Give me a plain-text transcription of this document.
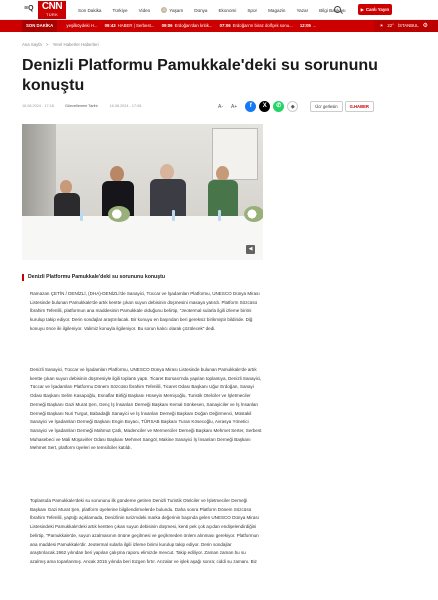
≡Q CNN
TÜRK
Son Dakika Türkiye Video	☺ Yaşam Dünya Ekonomi Spor Magazin Yazar Bilgi Bankası	▶ Canlı Yayın
SON DAKİKA	yeşilköydeki H... 09:43 HABER | Serbest... 09:06 Erdoğan'dan kritik... 07:06 Erdoğan'ın biraz dolfçek sonu... 12:05 ...	☀ 22° İSTANBUL ⚙
Ana Sayfa > Yerel Haberler Haberleri
Denizli Platformu Pamukkale'deki su sorununu konuştu
16.08.2024 - 17:18	Güncellenme Tarihi:	16.08.2024 - 17:08	A- A+	f	X	✆	◈	Ücr gerlesin	G.HABER
◀
Denizli Platformu Pamukkale'deki su sorununu konuştu

Ramazan ÇETİN / DENİZLİ, (DHA)-DENİZLİ'de Sanayici, Tüccar ve İşadamları Platformu, UNESCO Dünya Mirası Listesinde bulunan Pamukkale'de artık kentte çıkan suyun debisinin düşmesini masaya yatırdı. Platform Sözcüsü İbrahim Tefenlili, platformun ana maddesinin Pamukkale olduğunu belirtip, "Jeotermal sularla ilgili izleme birimi kurulup takip ediyor. Derin sondajlar araştırılacak. Bir konuyu en başından beri gereksiz birikmiştir bildiride. Diğ konuyu önce iki ilgileniyor. Valimiz konuyla ilgileniyor. Bu sorun kalıcı olarak çözülecek" dedi.

Denizli Sanayici, Tüccar ve İşadamları Platformu, UNESCO Dünya Mirası Listesinde bulunan Pamukkale'de artık kentte çıkan suyun debisinin düşmesiyle ilgili toplantı yaptı. Ticaret Borsası'nda yapılan toplantıya, Denizli Sanayici, Tüccar ve İşadamları Platformu Dönem Sözcüsü İbrahim Tefenlili, Ticaret Odası Başkanı Uğur Erdoğan, Sanayi Odası Başkanı Selim Kasapoğlu, Esnaflar Birliği Başkanı Hüseyin Memişoğlu, Turistik Otelciler ve İşletmeciler Derneği Başkanı Gazi Murat Şen, Genç İş İnsanları Derneği Başkanı Kemal Sönkesen, Sanayiciler ve İş İnsanları Derneği Başkanı Nuri Turgut, Babadağlı Sanayici ve İş İnsanları Derneği Başkanı Doğan Değirmenci, Müstakil Sanayici ve İşadamları Derneği Başkanı Engin Boyacı, TÜRSAB Başkanı Turan Kösecoğlu, Avrasya Yönetici Sanayici ve İşadamları Derneği Mahmut Çatlı, Madenciler ve Mermerciler Derneği Başkanı Mehmet Serter, Serbest Muhasebeci ve Mali Müşavirler Odası Başkanı Mehmet Sangöl, Makine Sanayici İş İnsanları Derneği Başkanı Mehmet Sert, platform üyeleri ve temsilciler katıldı.

Toplantıda Pamukkale'deki su sorununu ilk gündeme getiren Denizli Turistik Otelciler ve İşletmeciler Derneği Başkanı Gazi Murat Şen, platform üyelerine bilgilendirmelerde bulundu. Daha sonra Platform Dönem Sözcüsü İbrahim Tefenlili, yaptığı açıklamada, Denizlinin turizmdeki marka değerinin başında gelen UNESCO Dünya Mirası Listesindeki Pamukkale'deki artık kentten çıkan suyun debisinin düşmesi, kenti pek çok açıdan endişelendirdiğini belirtip, "Pamukkale'de, suyun azalmasının önüne geçilmesi ve geçikmeden önlem alınması gerekiyor. Platformun ana maddesi Pamukkale'dir. Jeotermal sularla ilgili izleme birimi kurulup takip ediyor. Derin sondajlar araştırılacak.1962 yılından beri yapılan çalışma raporu elimizde mevcut. Takip ediliyor. Zaman zaman bu su azalmış ama toparlanmış. Ancak 2015 yılında beri tüzgen fırtır. Arızalar ve işlek aşağı sonra; ciddi su zamanı. Biz
